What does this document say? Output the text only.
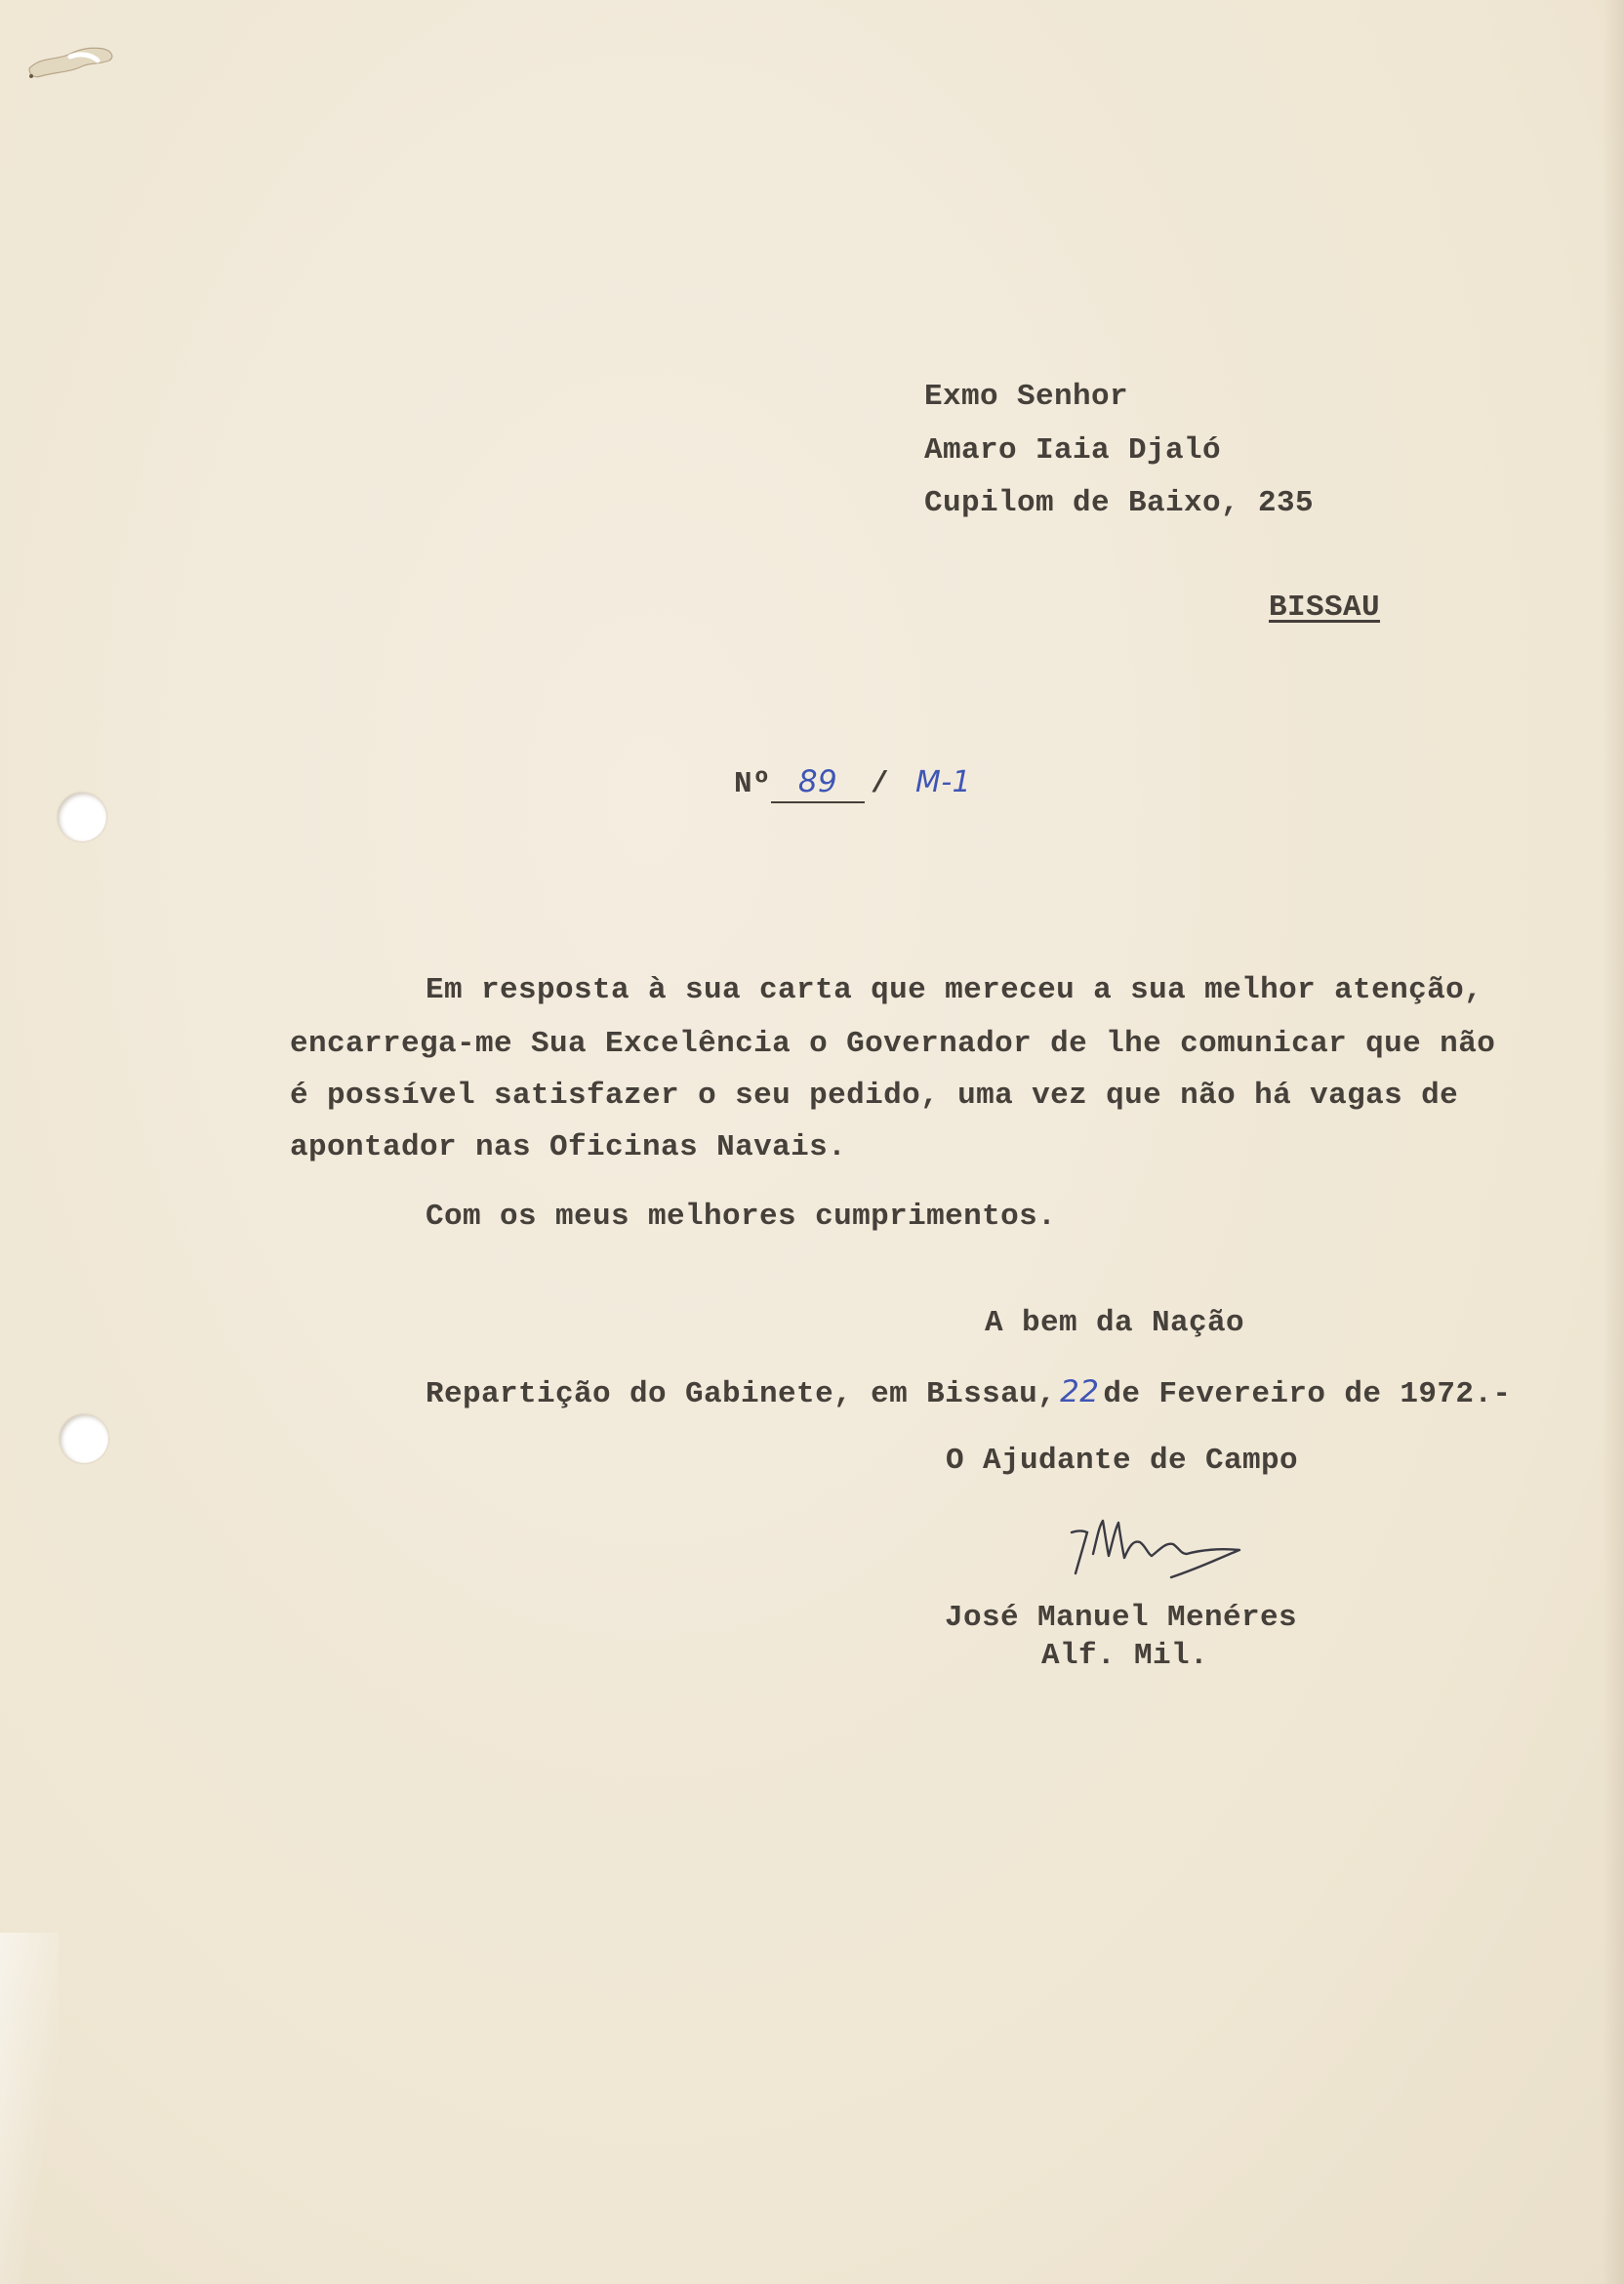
Exmo Senhor
Amaro Iaia Djaló
Cupilom de Baixo, 235
BISSAU
Nº 89 / M-1
Em resposta à sua carta que mereceu a sua melhor atenção,
encarrega-me Sua Excelência o Governador de lhe comunicar que não
é possível satisfazer o seu pedido, uma vez que não há vagas de
apontador nas Oficinas Navais.
Com os meus melhores cumprimentos.
A bem da Nação
Repartição do Gabinete, em Bissau, 22 de Fevereiro de 1972.-
O Ajudante de Campo
José Manuel Menéres
Alf. Mil.
